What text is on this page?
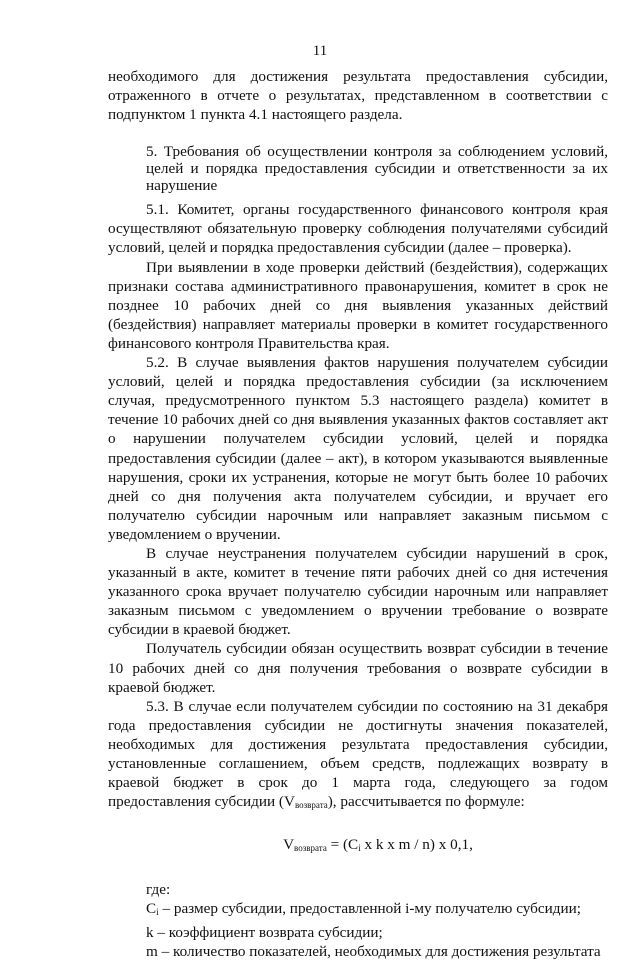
11

необходимого для достижения результата предоставления субсидии, отраженного в отчете о результатах, представленном в соответствии с подпунктом 1 пункта 4.1 настоящего раздела.

5. Требования об осуществлении контроля за соблюдением условий, целей и порядка предоставления субсидии и ответственности за их нарушение

5.1. Комитет, органы государственного финансового контроля края осуществляют обязательную проверку соблюдения получателями субсидий условий, целей и порядка предоставления субсидии (далее – проверка).

При выявлении в ходе проверки действий (бездействия), содержащих признаки состава административного правонарушения, комитет в срок не позднее 10 рабочих дней со дня выявления указанных действий (бездействия) направляет материалы проверки в комитет государственного финансового контроля Правительства края.

5.2. В случае выявления фактов нарушения получателем субсидии условий, целей и порядка предоставления субсидии (за исключением случая, предусмотренного пунктом 5.3 настоящего раздела) комитет в течение 10 рабочих дней со дня выявления указанных фактов составляет акт о нарушении получателем субсидии условий, целей и порядка предоставления субсидии (далее – акт), в котором указываются выявленные нарушения, сроки их устранения, которые не могут быть более 10 рабочих дней со дня получения акта получателем субсидии, и вручает его получателю субсидии нарочным или направляет заказным письмом с уведомлением о вручении.

В случае неустранения получателем субсидии нарушений в срок, указанный в акте, комитет в течение пяти рабочих дней со дня истечения указанного срока вручает получателю субсидии нарочным или направляет заказным письмом с уведомлением о вручении требование о возврате субсидии в краевой бюджет.

Получатель субсидии обязан осуществить возврат субсидии в течение 10 рабочих дней со дня получения требования о возврате субсидии в краевой бюджет.

5.3. В случае если получателем субсидии по состоянию на 31 декабря года предоставления субсидии не достигнуты значения показателей, необходимых для достижения результата предоставления субсидии, установленные соглашением, объем средств, подлежащих возврату в краевой бюджет в срок до 1 марта года, следующего за годом предоставления субсидии $(V_{возврата})$, рассчитывается по формуле:

$V_{возврата} = (C_i$ x k x m / n) x 0,1,

где:

$C_i$ – размер субсидии, предоставленной i-му получателю субсидии;

k – коэффициент возврата субсидии;

m – количество показателей, необходимых для достижения результата
